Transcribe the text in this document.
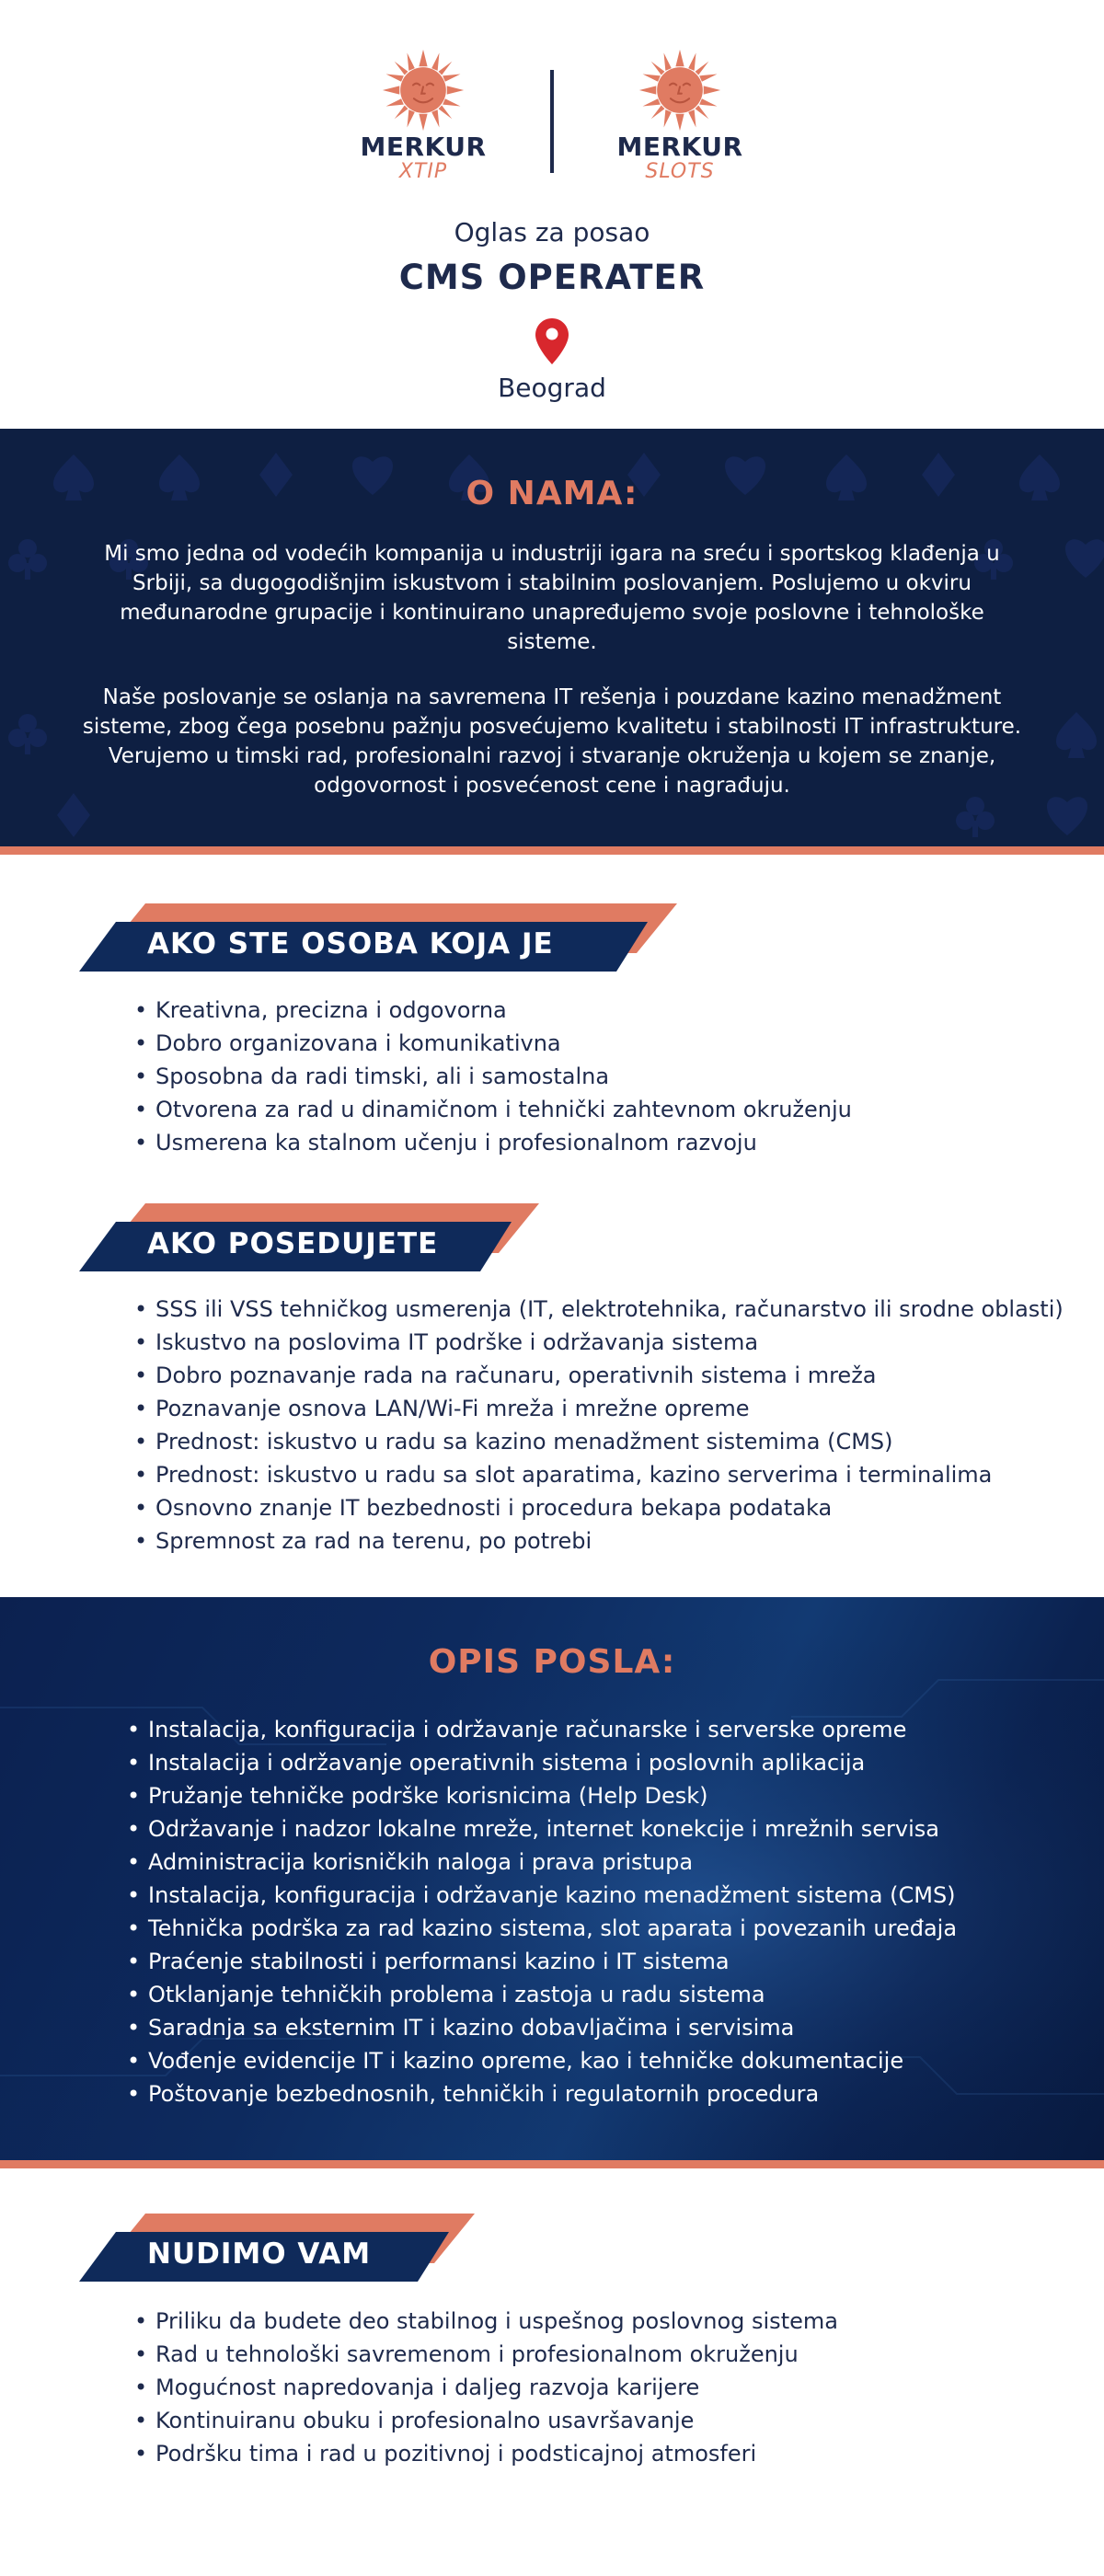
MERKUR
XTIP
MERKUR
SLOTS
Oglas za posao
CMS OPERATER
Beograd
O NAMA:

Mi smo jedna od vodećih kompanija u industriji igara na sreću i sportskog klađenja u Srbiji, sa dugogodišnjim iskustvom i stabilnim poslovanjem. Poslujemo u okviru međunarodne grupacije i kontinuirano unapređujemo svoje poslovne i tehnološke sisteme.

Naše poslovanje se oslanja na savremena IT rešenja i pouzdane kazino menadžment sisteme, zbog čega posebnu pažnju posvećujemo kvalitetu i stabilnosti IT infrastrukture. Verujemo u timski rad, profesionalni razvoj i stvaranje okruženja u kojem se znanje, odgovornost i posvećenost cene i nagrađuju.

AKO STE OSOBA KOJA JE
• Kreativna, precizna i odgovorna
• Dobro organizovana i komunikativna
• Sposobna da radi timski, ali i samostalna
• Otvorena za rad u dinamičnom i tehnički zahtevnom okruženju
• Usmerena ka stalnom učenju i profesionalnom razvoju
AKO POSEDUJETE
• SSS ili VSS tehničkog usmerenja (IT, elektrotehnika, računarstvo ili srodne oblasti)
• Iskustvo na poslovima IT podrške i održavanja sistema
• Dobro poznavanje rada na računaru, operativnih sistema i mreža
• Poznavanje osnova LAN/Wi-Fi mreža i mrežne opreme
• Prednost: iskustvo u radu sa kazino menadžment sistemima (CMS)
• Prednost: iskustvo u radu sa slot aparatima, kazino serverima i terminalima
• Osnovno znanje IT bezbednosti i procedura bekapa podataka
• Spremnost za rad na terenu, po potrebi
OPIS POSLA:
• Instalacija, konfiguracija i održavanje računarske i serverske opreme
• Instalacija i održavanje operativnih sistema i poslovnih aplikacija
• Pružanje tehničke podrške korisnicima (Help Desk)
• Održavanje i nadzor lokalne mreže, internet konekcije i mrežnih servisa
• Administracija korisničkih naloga i prava pristupa
• Instalacija, konfiguracija i održavanje kazino menadžment sistema (CMS)
• Tehnička podrška za rad kazino sistema, slot aparata i povezanih uređaja
• Praćenje stabilnosti i performansi kazino i IT sistema
• Otklanjanje tehničkih problema i zastoja u radu sistema
• Saradnja sa eksternim IT i kazino dobavljačima i servisima
• Vođenje evidencije IT i kazino opreme, kao i tehničke dokumentacije
• Poštovanje bezbednosnih, tehničkih i regulatornih procedura
NUDIMO VAM
• Priliku da budete deo stabilnog i uspešnog poslovnog sistema
• Rad u tehnološki savremenom i profesionalnom okruženju
• Mogućnost napredovanja i daljeg razvoja karijere
• Kontinuiranu obuku i profesionalno usavršavanje
• Podršku tima i rad u pozitivnoj i podsticajnoj atmosferi
